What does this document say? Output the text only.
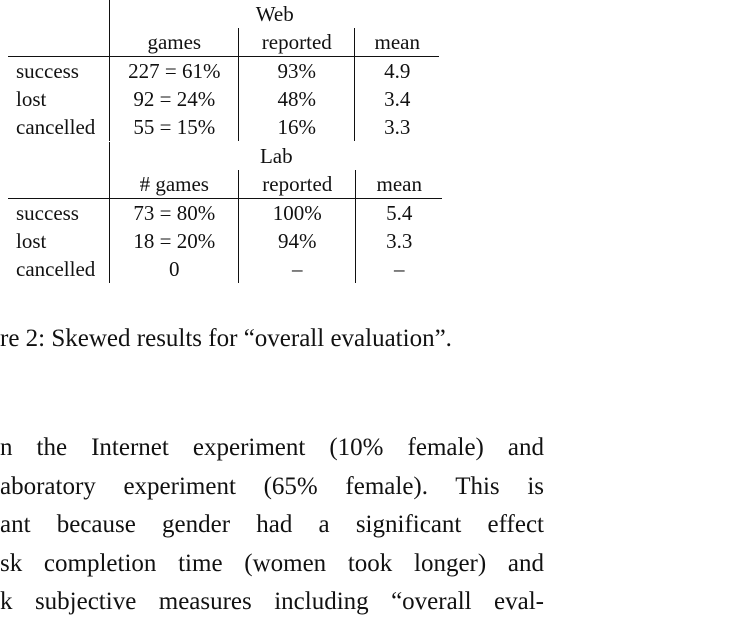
	Web		
	games	reported	mean
success	227 = 61%	93%	4.9
lost	92 = 24%	48%	3.4
cancelled	55 = 15%	16%	3.3
	Lab		
	# games	reported	mean
success	73 = 80%	100%	5.4
lost	18 = 20%	94%	3.3
cancelled	0	–	–
re 2: Skewed results for “overall evaluation”.
n the Internet experiment (10% female) and
aboratory experiment (65% female). This is
ant because gender had a significant effect
sk completion time (women took longer) and
k subjective measures including “overall eval-
